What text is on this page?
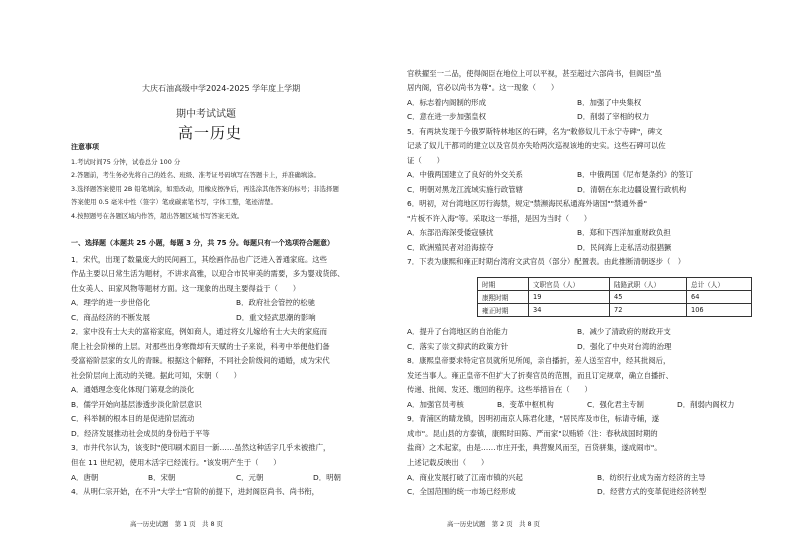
大庆石油高级中学2024-2025 学年度上学期
期中考试试题
高一历史
注意事项
1.考试时间75 分钟，试卷总分 100 分
2.答题前，考生务必先将自己的姓名、班级、准考证号码填写在答题卡上，并准确填涂。
3.选择题答案使用 2B 铅笔填涂，如需改动，用橡皮擦净后，再选涂其他答案的标号；非选择题
答案使用 0.5 毫米中性（签字）笔或碳素笔书写，字体工整，笔迹清楚。
4.按照题号在各题区域内作答，超出答题区域书写答案无效。
一、选择题（本题共 25 小题，每题 3 分，共 75 分。每题只有一个选项符合题意）
1．宋代，出现了数量庞大的民间画工，其绘画作品也广泛进入普通家庭。这些
作品主要以日常生活为题材，不讲求高雅，以迎合市民审美的需要，多为婴戏货郎、
仕女美人、田家风物等题材方面。这一现象的出现主要得益于（　　）
A．理学的进一步世俗化	B．政府社会管控的松驰
C．商品经济的不断发展	D．重文轻武思潮的影响
2．家中没有士大夫的富裕家庭，例如商人，通过将女儿嫁给有士大夫的家庭而
爬上社会阶梯的上层。对那些出身寒微却有天赋的士子来说，科考中举便他们备
受富裕阶层家的女儿的青睐。根据这个解释，不同社会阶级间的通婚，成为宋代
社会阶层向上流动的关键。据此可知，宋朝（　　）
A．通婚理念变化体现门第观念的淡化
B．儒学开始向基层渗透步淡化阶层意识
C．科举制的根本目的是促进阶层流动
D．经济发展推动社会成员的身份趋于平等
3．市井代尔认为，该变时"使印刷术面目一新……虽然这种活字几乎未被推广，
但在 11 世纪初，使用木活字已经流行。"该发明产生于（　　）
A．唐朝	B．宋朝	C．元朝	D．明朝
4．从明仁宗开始，在不升"大学士"官阶的前提下，进封阁臣尚书、尚书衔，
高一历史试题　第 1 页　共 8 页
官秩擢至一二品，使得阁臣在地位上可以平视，甚至超过六部尚书，但阁臣"虽
居内阁，官必以尚书为尊"。这一现象（　　）
A．标志着内阁制的形成	B．加强了中央集权
C．意在进一步加强皇权	D．削弱了宰相的权力
5．有两块发现于今俄罗斯特林地区的石碑，名为"敕修奴儿干永宁寺碑"，碑文
记录了奴儿干都司的建立以及官员亦失哈两次巡视该地的史实。这些石碑可以佐
证（　　）
A．中俄两国建立了良好的外交关系	B．中俄两国《尼布楚条约》的签订
C．明朝对黑龙江流域实施行政管辖	D．清朝在东北边疆设置行政机构
6．明初，对台湾地区厉行海禁，规定"禁濒海民私通海外诸国""禁通外番"
"片板不许入海"等。采取这一举措，是因为当时（　　）
A．东部沿海深受倭寇骚扰	B．郑和下西洋加重财政负担
C．欧洲殖民者对沿海掠夺	D．民间海上走私活动很猖獗
7．下表为康熙和雍正时期台湾府文武官员（部分）配置表。由此推断清朝逐步（　）
时期	文职官员（人）	陆路武职（人）	总计（人）
康熙时期	19	45	64
雍正时期	34	72	106
A．提升了台湾地区的自治能力	B．减少了清政府的财政开支
C．落实了崇文抑武的政策方针	D．强化了中央对台湾的治理
8．康熙皇帝要求特定官员就所见所闻，亲自播折，差人送至宫中，经其批阅后，
发还当事人。雍正皇帝不但扩大了折奏官员的范围，而且订定规章，确立自播折、
传递、批阅、发还、缴回的程序。这些举措旨在（　　）
A．加强官员考核	B．变革中枢机构	C．强化君主专制	D．削弱内阁权力
9．青浦区的睛龙镇，因明初南京人陈君化建，"居民库及市住，标请寺辅，遂
成市"。昆山县的方泰镇，康熙时田陈、严而家"以贿轿（注：春秋战国时期的
盐商）之术起家，由是……市庄开张，典营聚风而至，百货骈集，遂成闹市"。
上述记载反映出（　　）
A．商业发展打破了江南市镇的兴起	B．纺织行业成为南方经济的主导
C．全国范围的统一市场已经形成	D．经营方式的变革促进经济转型
高一历史试题　第 2 页　共 8 页
